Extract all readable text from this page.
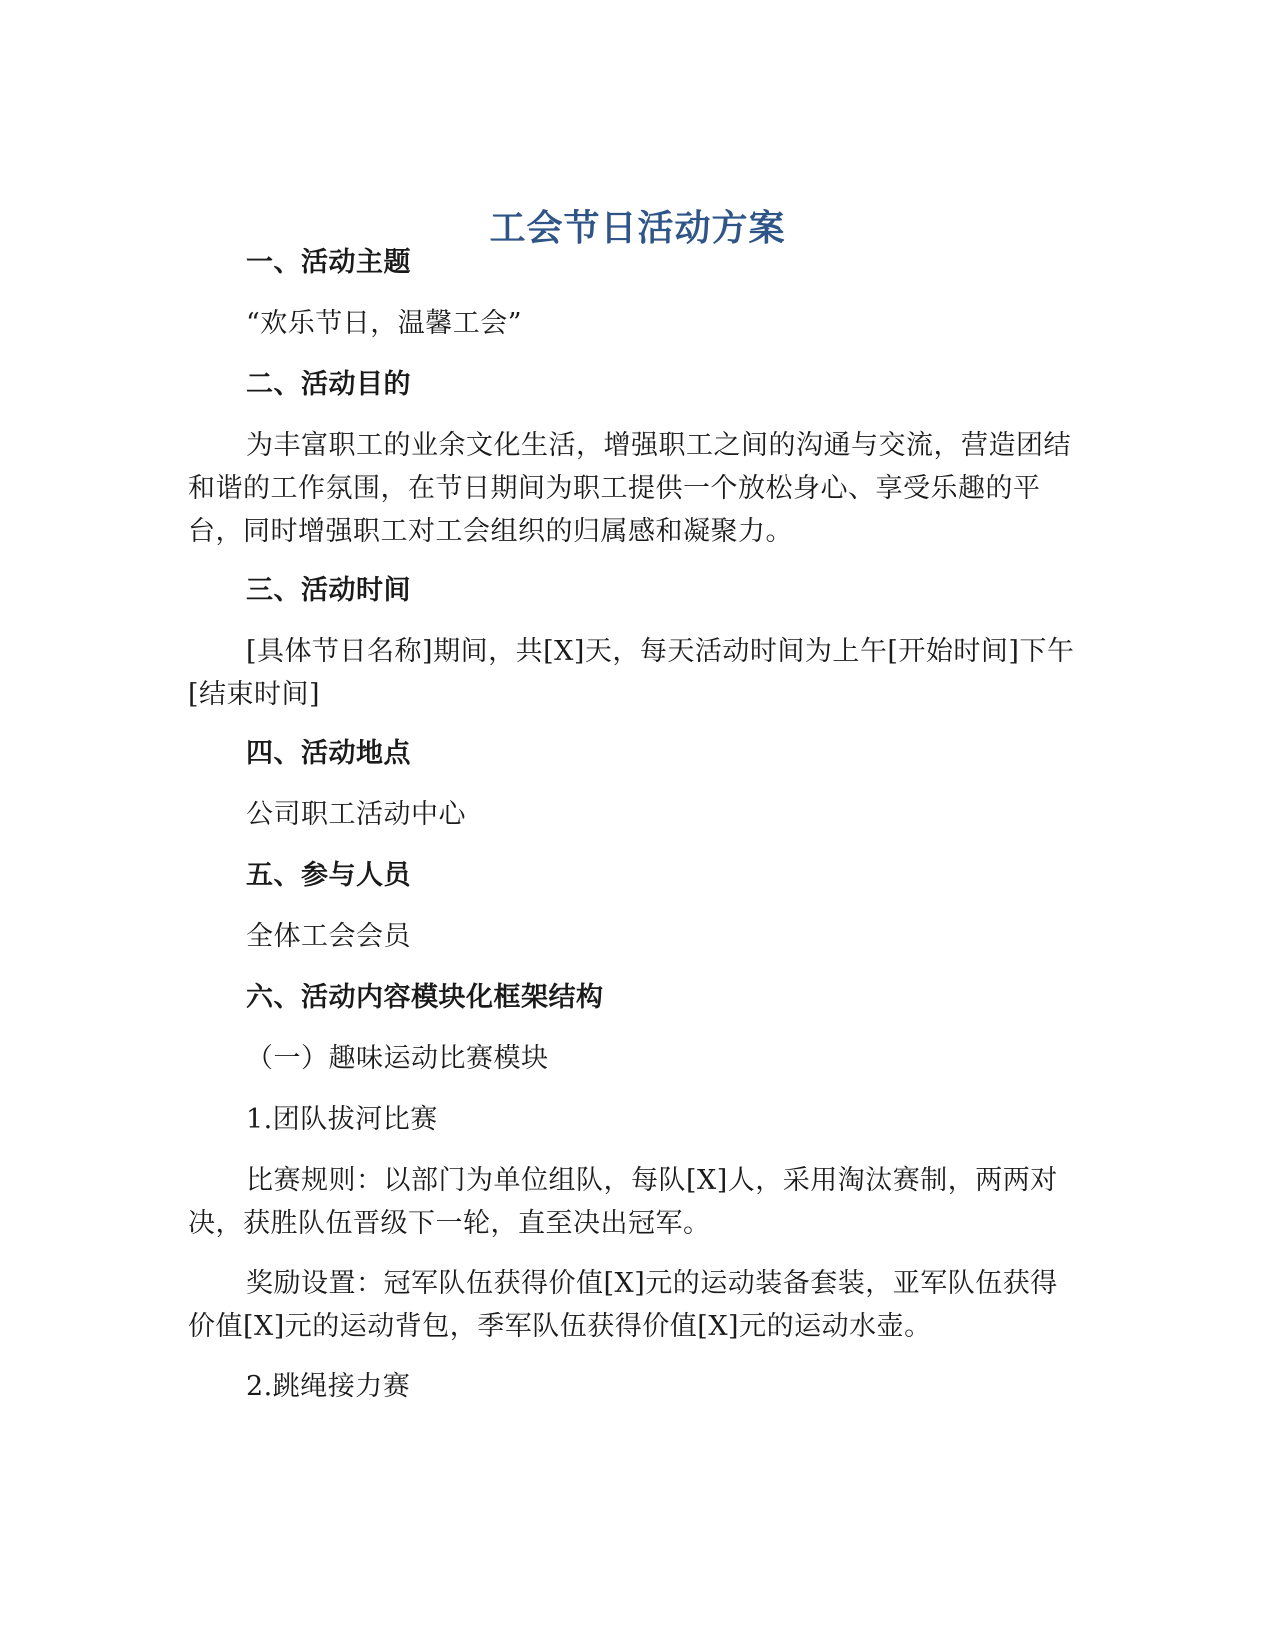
工会节日活动方案
一、活动主题
“欢乐节日，温馨工会”
二、活动目的
为丰富职工的业余文化生活，增强职工之间的沟通与交流，营造团结和谐的工作氛围，在节日期间为职工提供一个放松身心、享受乐趣的平台，同时增强职工对工会组织的归属感和凝聚力。
三、活动时间
[具体节日名称]期间，共[X]天，每天活动时间为上午[开始时间]下午[结束时间]
四、活动地点
公司职工活动中心
五、参与人员
全体工会会员
六、活动内容模块化框架结构
（一）趣味运动比赛模块
1.团队拔河比赛
比赛规则：以部门为单位组队，每队[X]人，采用淘汰赛制，两两对决，获胜队伍晋级下一轮，直至决出冠军。
奖励设置：冠军队伍获得价值[X]元的运动装备套装，亚军队伍获得价值[X]元的运动背包，季军队伍获得价值[X]元的运动水壶。
2.跳绳接力赛
